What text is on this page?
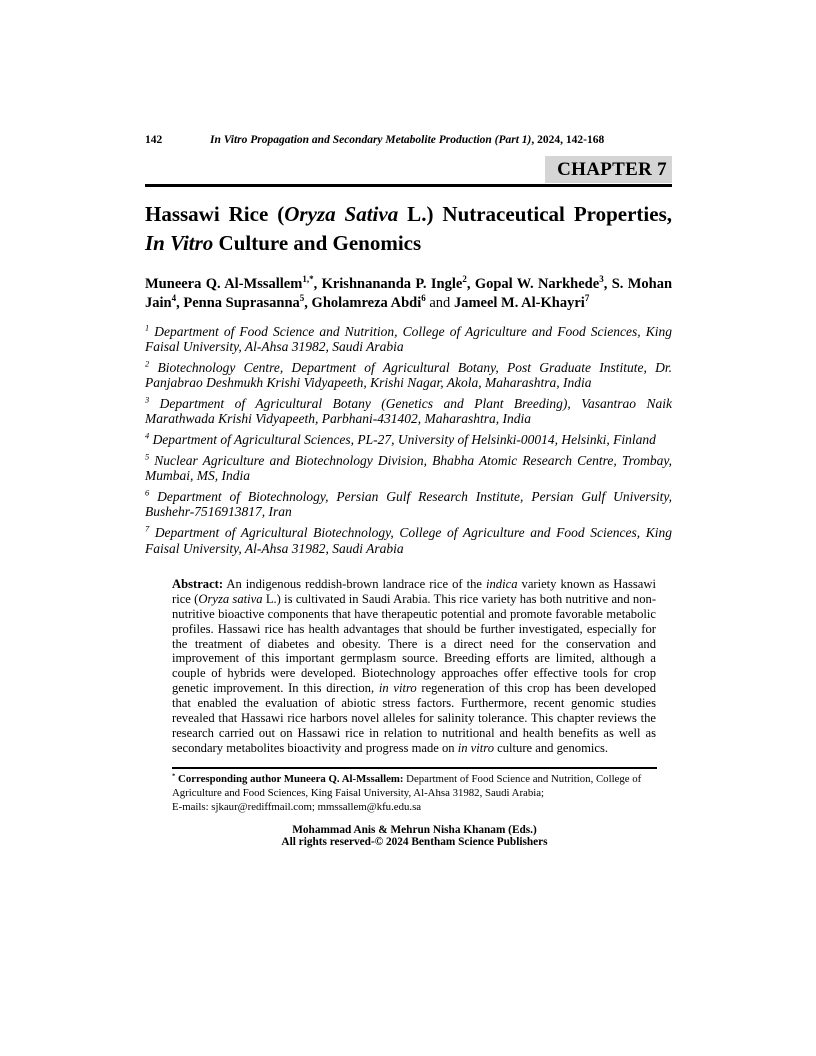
142	In Vitro Propagation and Secondary Metabolite Production (Part 1), 2024, 142-168
CHAPTER 7
Hassawi Rice (Oryza Sativa L.) Nutraceutical Properties, In Vitro Culture and Genomics

Muneera Q. Al-Mssallem$^{1,*}$, Krishnananda P. Ingle$^2$, Gopal W. Narkhede$^3$, S. Mohan Jain$^4$, Penna Suprasanna$^5$, Gholamreza Abdi$^6$ and Jameel M. Al-Khayri$^7$

$^1$ Department of Food Science and Nutrition, College of Agriculture and Food Sciences, King Faisal University, Al-Ahsa 31982, Saudi Arabia

$^2$ Biotechnology Centre, Department of Agricultural Botany, Post Graduate Institute, Dr. Panjabrao Deshmukh Krishi Vidyapeeth, Krishi Nagar, Akola, Maharashtra, India

$^3$ Department of Agricultural Botany (Genetics and Plant Breeding), Vasantrao Naik Marathwada Krishi Vidyapeeth, Parbhani-431402, Maharashtra, India

$^4$ Department of Agricultural Sciences, PL-27, University of Helsinki-00014, Helsinki, Finland

$^5$ Nuclear Agriculture and Biotechnology Division, Bhabha Atomic Research Centre, Trombay, Mumbai, MS, India

$^6$ Department of Biotechnology, Persian Gulf Research Institute, Persian Gulf University, Bushehr-7516913817, Iran

$^7$ Department of Agricultural Biotechnology, College of Agriculture and Food Sciences, King Faisal University, Al-Ahsa 31982, Saudi Arabia

Abstract: An indigenous reddish-brown landrace rice of the indica variety known as Hassawi rice (Oryza sativa L.) is cultivated in Saudi Arabia. This rice variety has both nutritive and non-nutritive bioactive components that have therapeutic potential and promote favorable metabolic profiles. Hassawi rice has health advantages that should be further investigated, especially for the treatment of diabetes and obesity. There is a direct need for the conservation and improvement of this important germplasm source. Breeding efforts are limited, although a couple of hybrids were developed. Biotechnology approaches offer effective tools for crop genetic improvement. In this direction, in vitro regeneration of this crop has been developed that enabled the evaluation of abiotic stress factors. Furthermore, recent genomic studies revealed that Hassawi rice harbors novel alleles for salinity tolerance. This chapter reviews the research carried out on Hassawi rice in relation to nutritional and health benefits as well as secondary metabolites bioactivity and progress made on in vitro culture and genomics.

* Corresponding author Muneera Q. Al-Mssallem: Department of Food Science and Nutrition, College of Agriculture and Food Sciences, King Faisal University, Al-Ahsa 31982, Saudi Arabia;
E-mails: sjkaur@rediffmail.com; mmssallem@kfu.edu.sa

Mohammad Anis & Mehrun Nisha Khanam (Eds.)
All rights reserved-© 2024 Bentham Science Publishers
